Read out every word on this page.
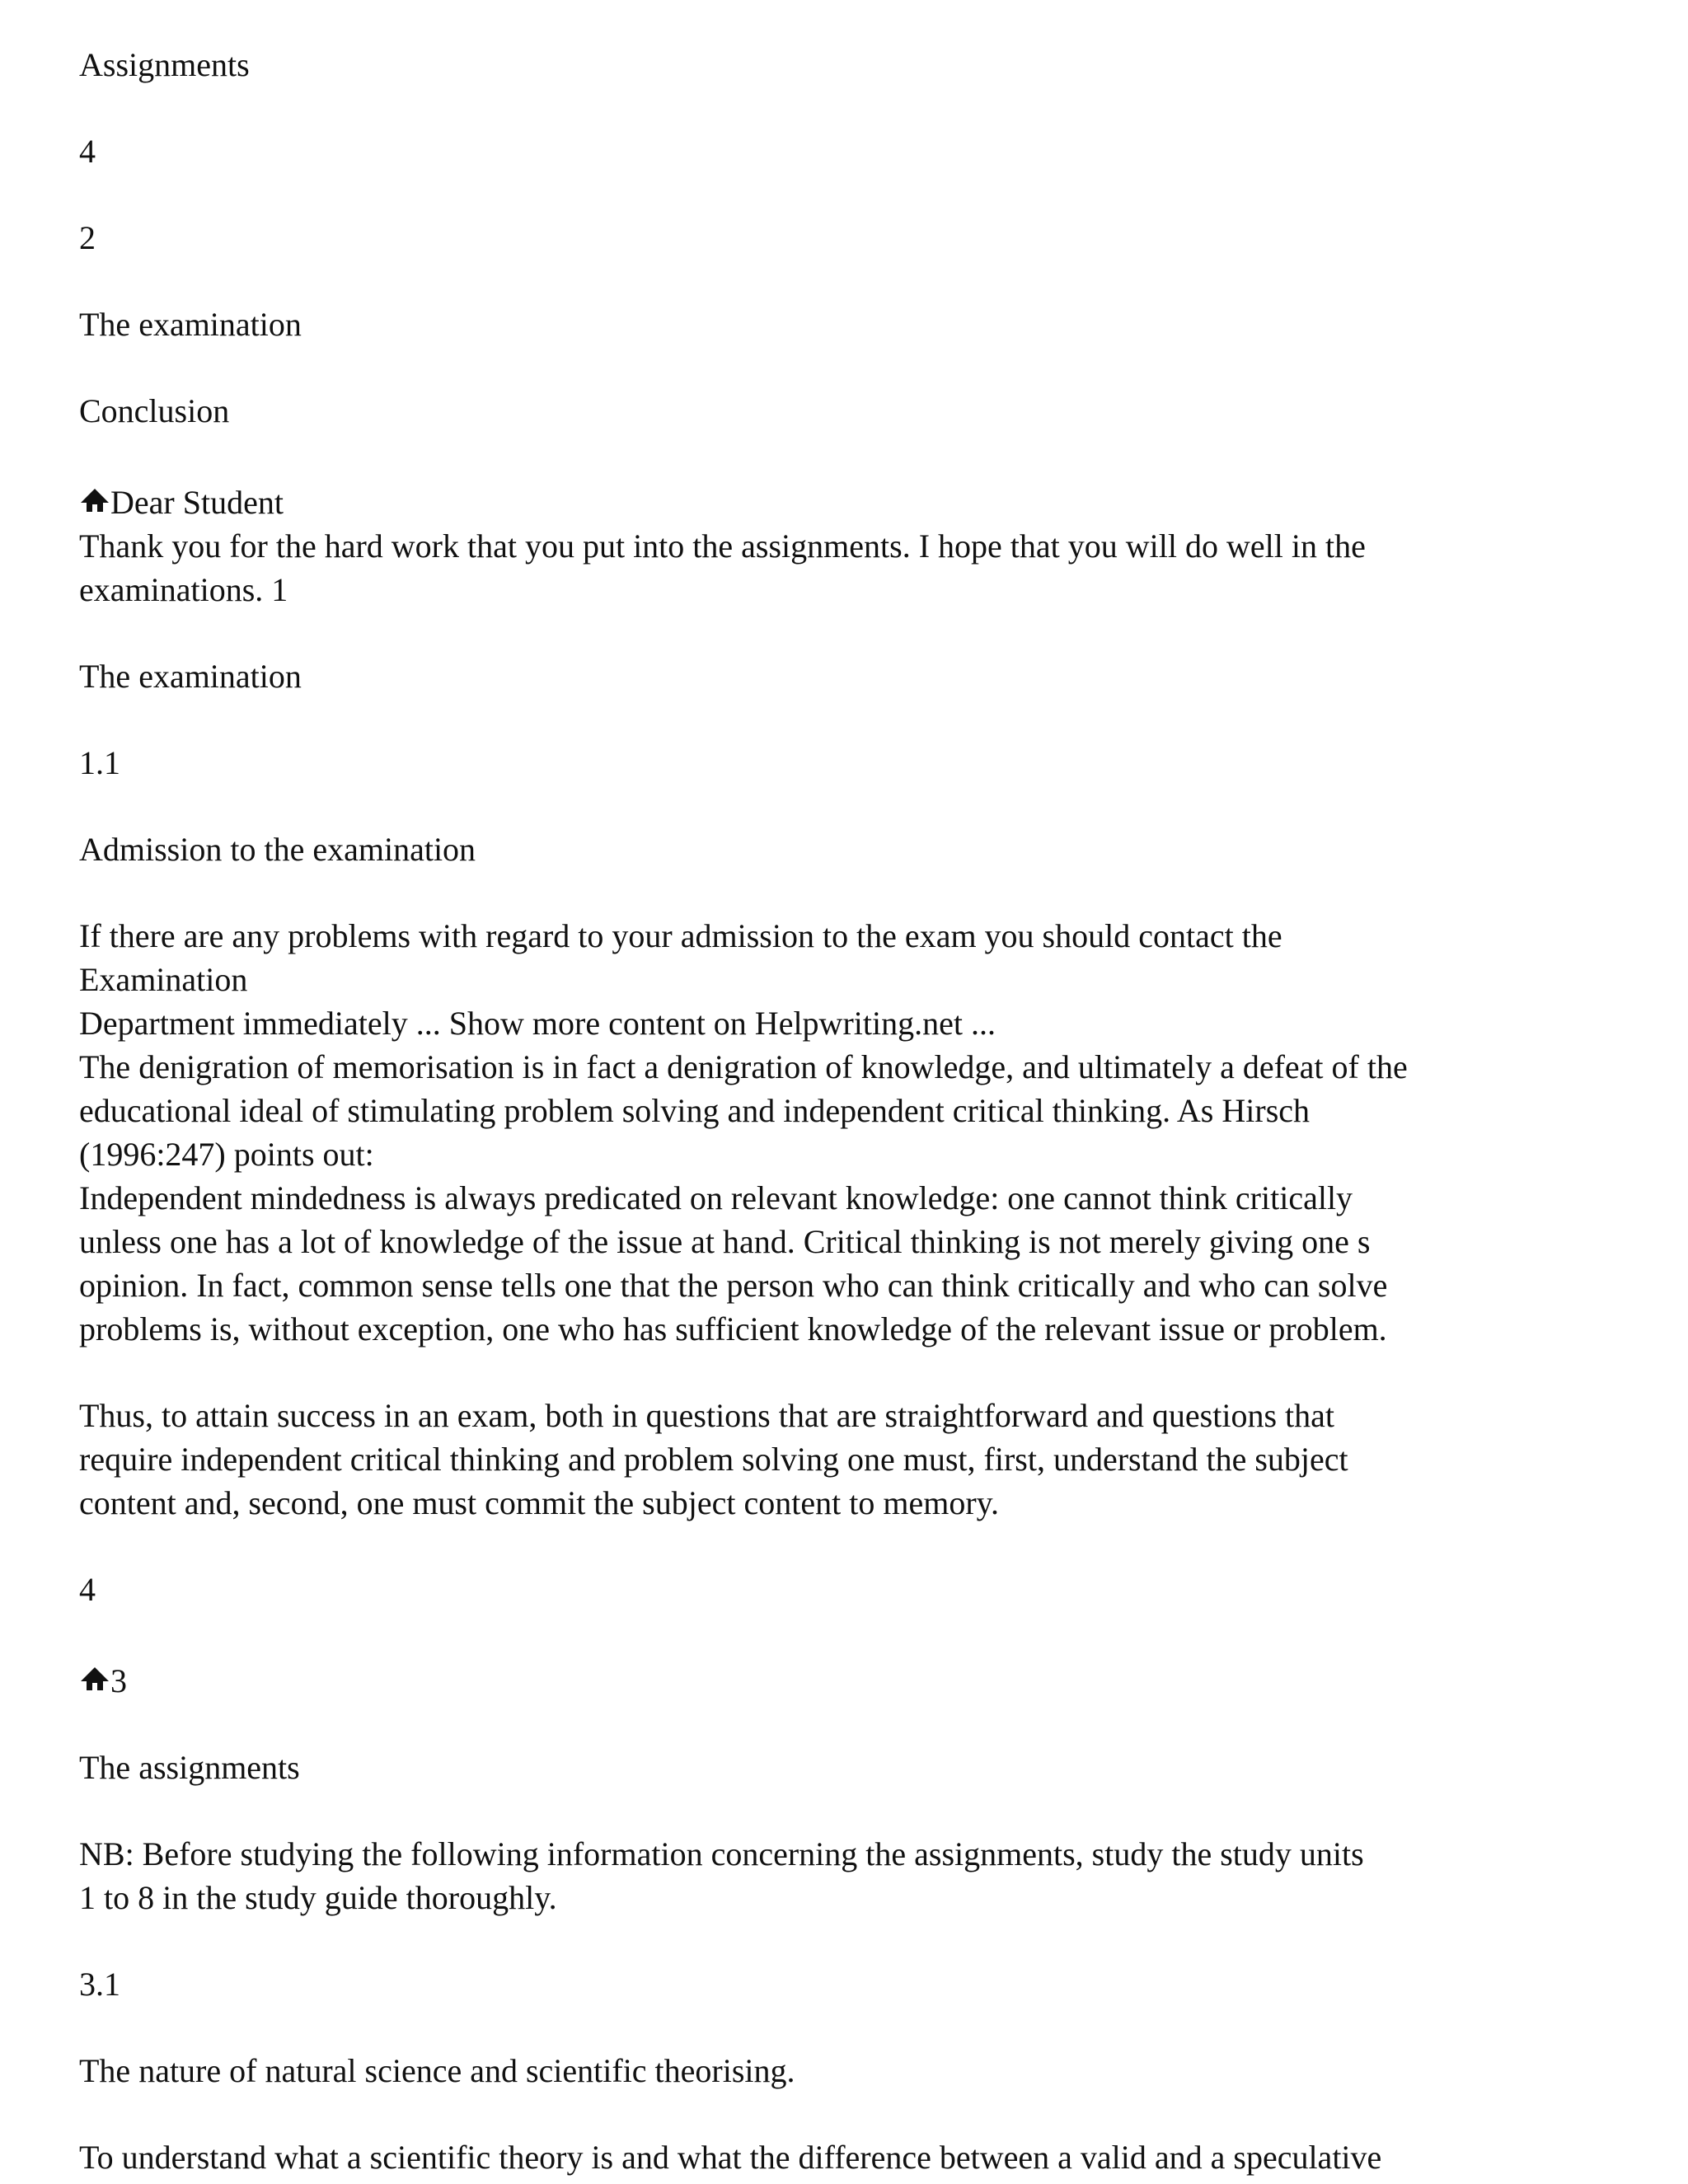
Assignments

4

2

The examination

Conclusion

Dear Student
Thank you for the hard work that you put into the assignments. I hope that you will do well in the
examinations. 1

The examination

1.1

Admission to the examination

If there are any problems with regard to your admission to the exam you should contact the
Examination
Department immediately ... Show more content on Helpwriting.net ...
The denigration of memorisation is in fact a denigration of knowledge, and ultimately a defeat of the
educational ideal of stimulating problem solving and independent critical thinking. As Hirsch
(1996:247) points out:
Independent mindedness is always predicated on relevant knowledge: one cannot think critically
unless one has a lot of knowledge of the issue at hand. Critical thinking is not merely giving one s
opinion. In fact, common sense tells one that the person who can think critically and who can solve
problems is, without exception, one who has sufficient knowledge of the relevant issue or problem.
Thus, to attain success in an exam, both in questions that are straightforward and questions that
require independent critical thinking and problem solving one must, first, understand the subject
content and, second, one must commit the subject content to memory.

4

3

The assignments

NB: Before studying the following information concerning the assignments, study the study units
1 to 8 in the study guide thoroughly.

3.1

The nature of natural science and scientific theorising.

To understand what a scientific theory is and what the difference between a valid and a speculative
